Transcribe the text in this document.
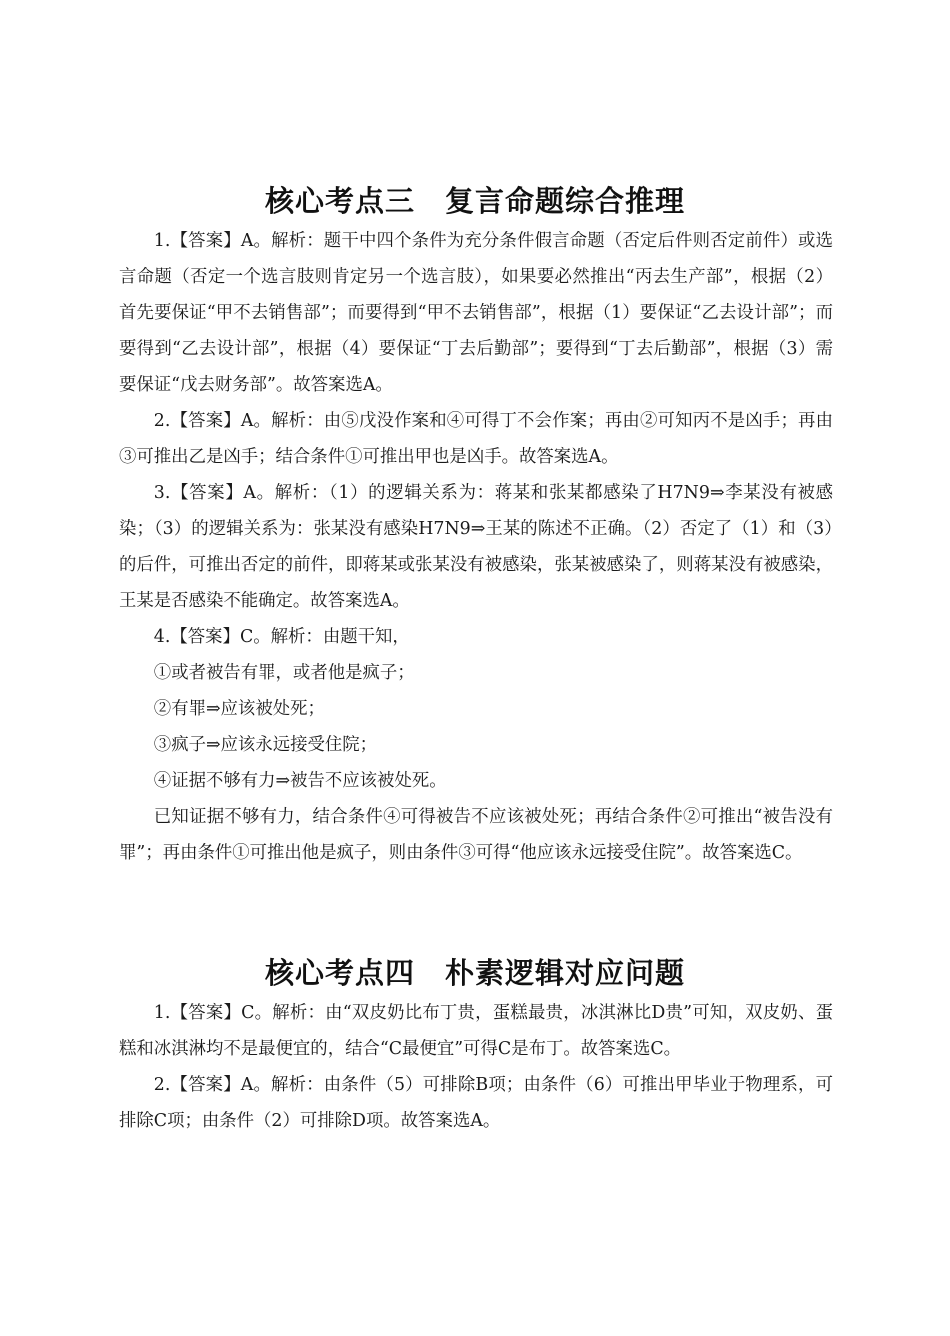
核心考点三　复言命题综合推理

1.【答案】A。解析：题干中四个条件为充分条件假言命题（否定后件则否定前件）或选言命题（否定一个选言肢则肯定另一个选言肢），如果要必然推出“丙去生产部”，根据（2）首先要保证“甲不去销售部”；而要得到“甲不去销售部”，根据（1）要保证“乙去设计部”；而要得到“乙去设计部”，根据（4）要保证“丁去后勤部”；要得到“丁去后勤部”，根据（3）需要保证“戊去财务部”。故答案选A。

2.【答案】A。解析：由⑤戊没作案和④可得丁不会作案；再由②可知丙不是凶手；再由③可推出乙是凶手；结合条件①可推出甲也是凶手。故答案选A。

3.【答案】A。解析：（1）的逻辑关系为：蒋某和张某都感染了H7N9⇒李某没有被感染；（3）的逻辑关系为：张某没有感染H7N9⇒王某的陈述不正确。（2）否定了（1）和（3）的后件，可推出否定的前件，即蒋某或张某没有被感染，张某被感染了，则蒋某没有被感染，王某是否感染不能确定。故答案选A。

4.【答案】C。解析：由题干知，

①或者被告有罪，或者他是疯子；

②有罪⇒应该被处死；

③疯子⇒应该永远接受住院；

④证据不够有力⇒被告不应该被处死。

已知证据不够有力，结合条件④可得被告不应该被处死；再结合条件②可推出“被告没有罪”；再由条件①可推出他是疯子，则由条件③可得“他应该永远接受住院”。故答案选C。

核心考点四　朴素逻辑对应问题

1.【答案】C。解析：由“双皮奶比布丁贵，蛋糕最贵，冰淇淋比D贵”可知，双皮奶、蛋糕和冰淇淋均不是最便宜的，结合“C最便宜”可得C是布丁。故答案选C。

2.【答案】A。解析：由条件（5）可排除B项；由条件（6）可推出甲毕业于物理系，可排除C项；由条件（2）可排除D项。故答案选A。
